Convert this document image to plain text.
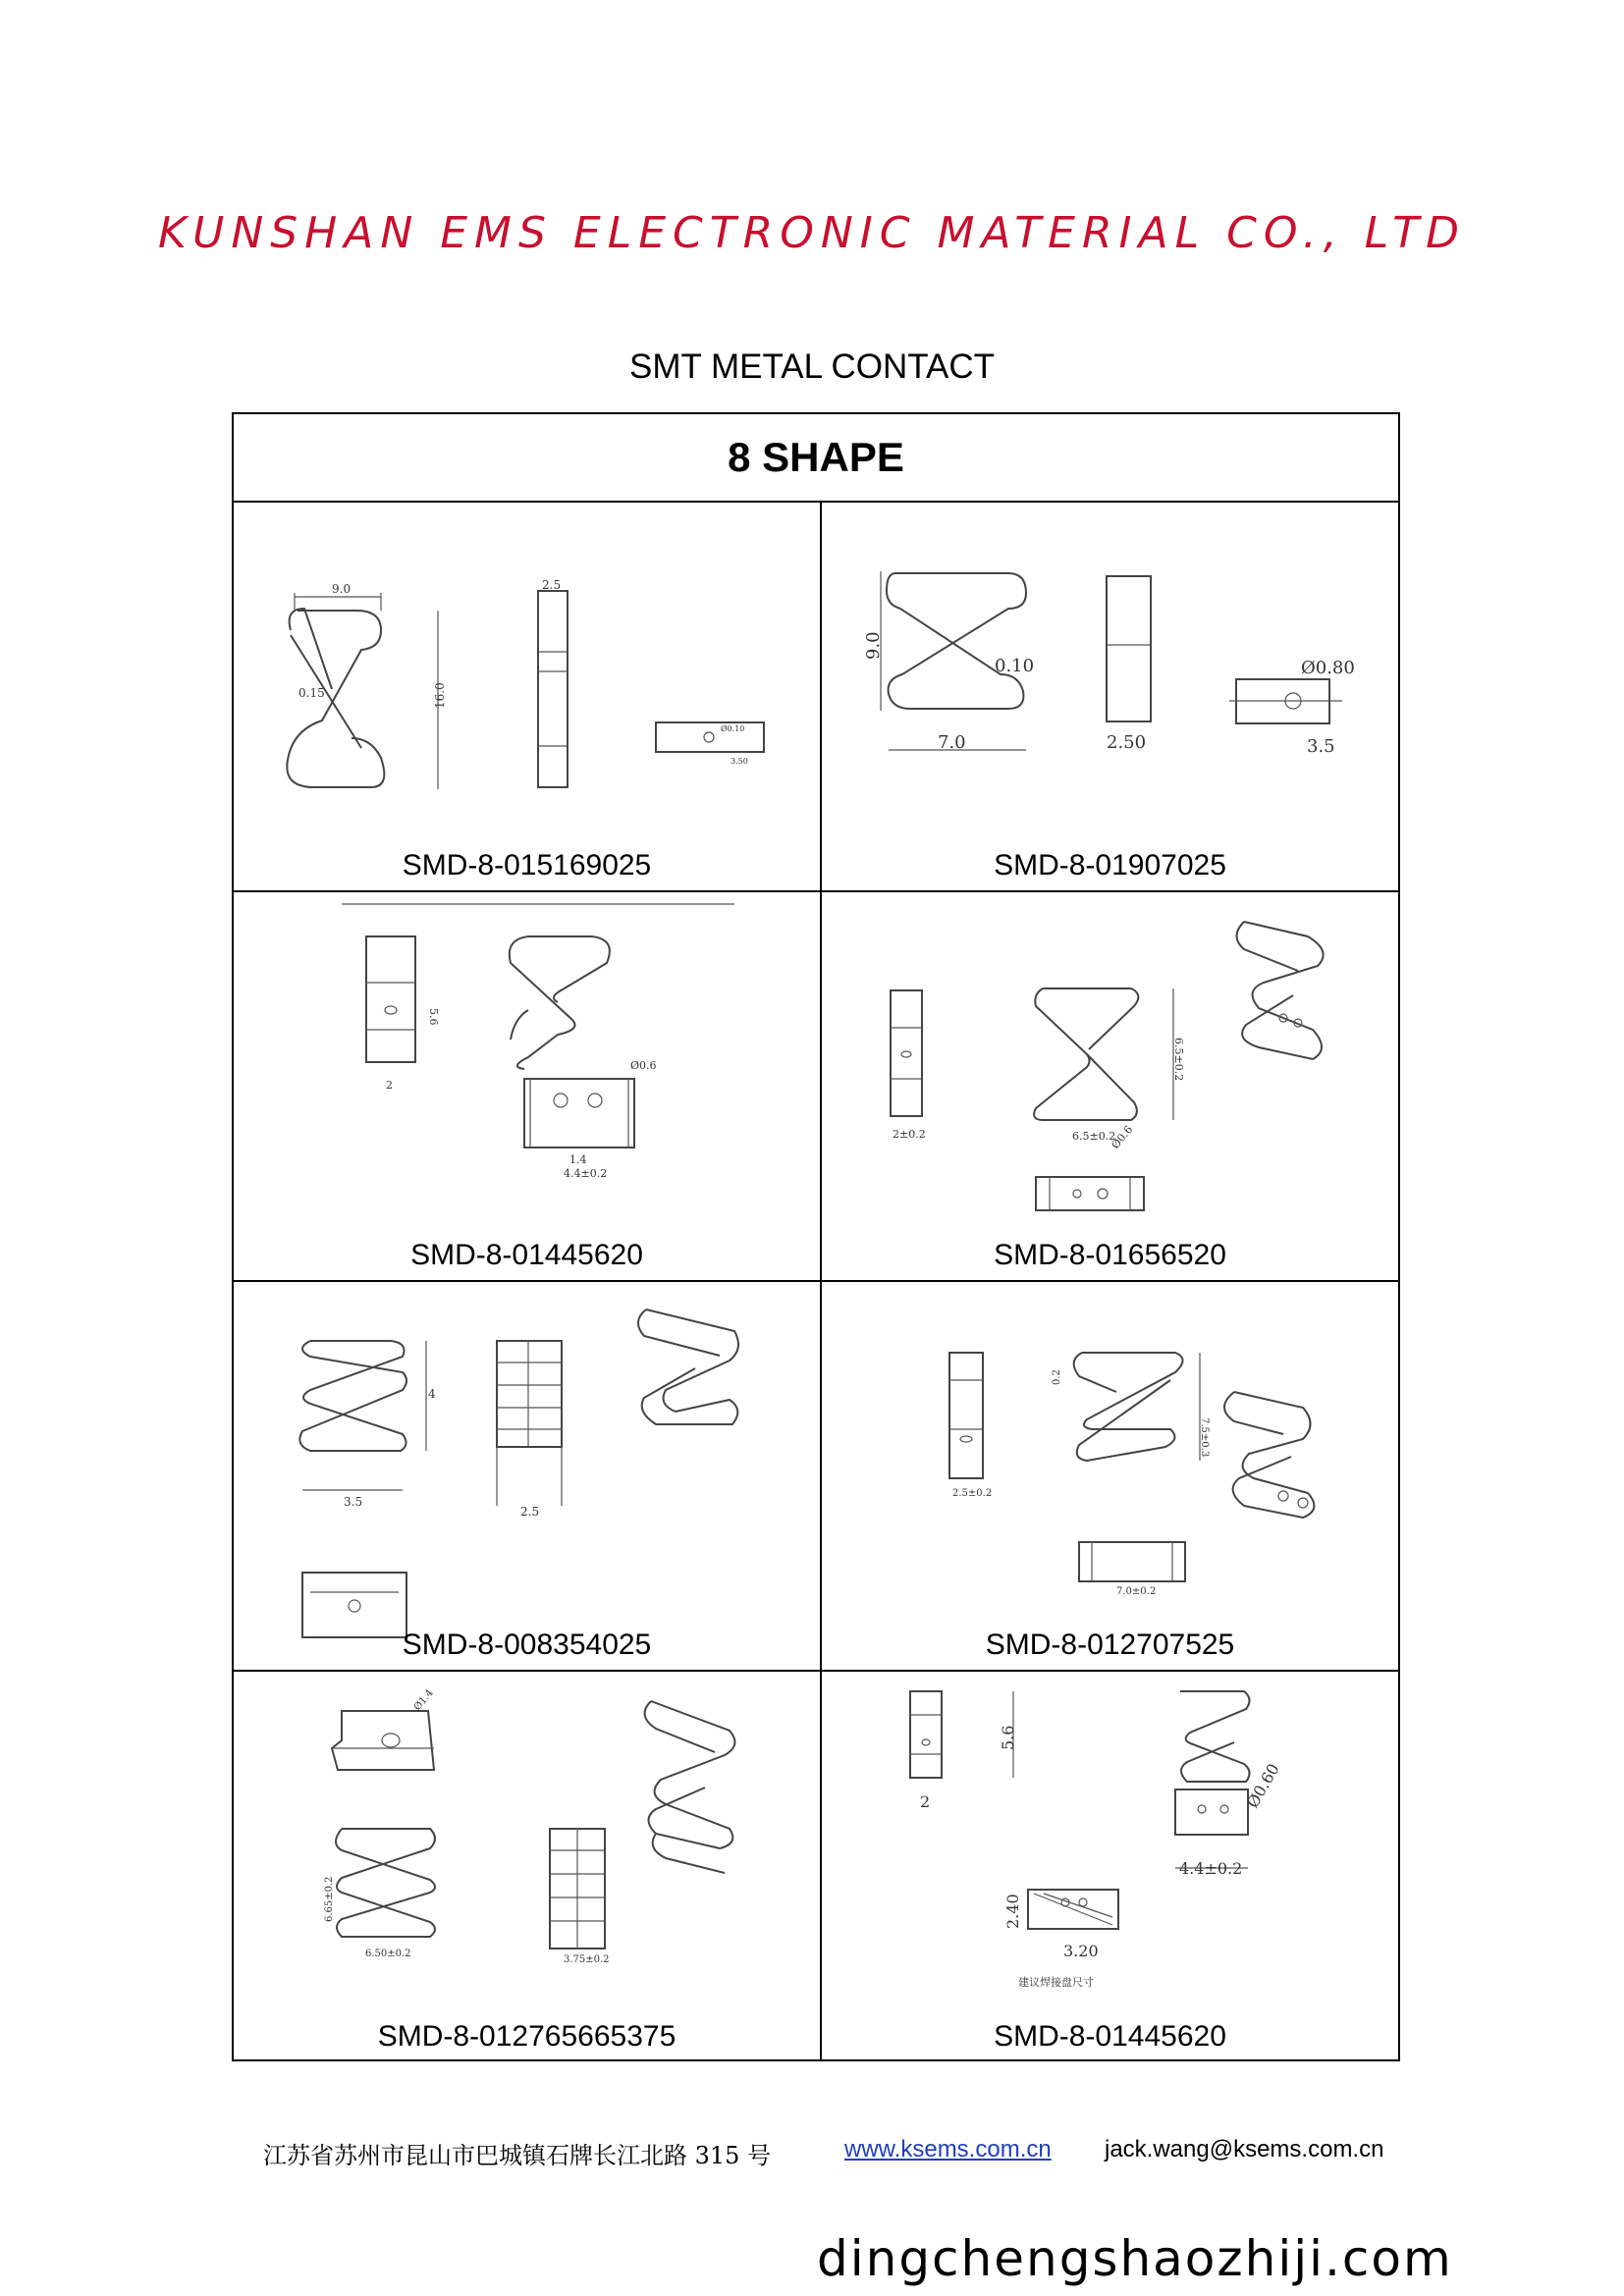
KUNSHAN EMS ELECTRONIC MATERIAL CO., LTD
SMT METAL CONTACT
8 SHAPE
9.0
16.0
0.15
2.5
Ø0.10
3.50
SMD-8-015169025
9.0
0.10
7.0	2.50
Ø0.80
3.5
SMD-8-01907025
5.6
2
Ø0.6
1.4
4.4±0.2
SMD-8-01445620
2±0.2
6.5±0.2
6.5±0.2
Ø0.6
SMD-8-01656520
4
3.5
2.5
SMD-8-008354025
2.5±0.2
0.2
7.5±0.3
7.0±0.2
SMD-8-012707525
Ø1.4
6.65±0.2
6.50±0.2
3.75±0.2
SMD-8-012765665375
5.6
2	Ø0.60
4.4±0.2
2.40
3.20
建议焊接盘尺寸
SMD-8-01445620
江苏省苏州市昆山市巴城镇石牌长江北路 315 号	www.ksems.com.cn jack.wang@ksems.com.cn
dingchengshaozhiji.com
